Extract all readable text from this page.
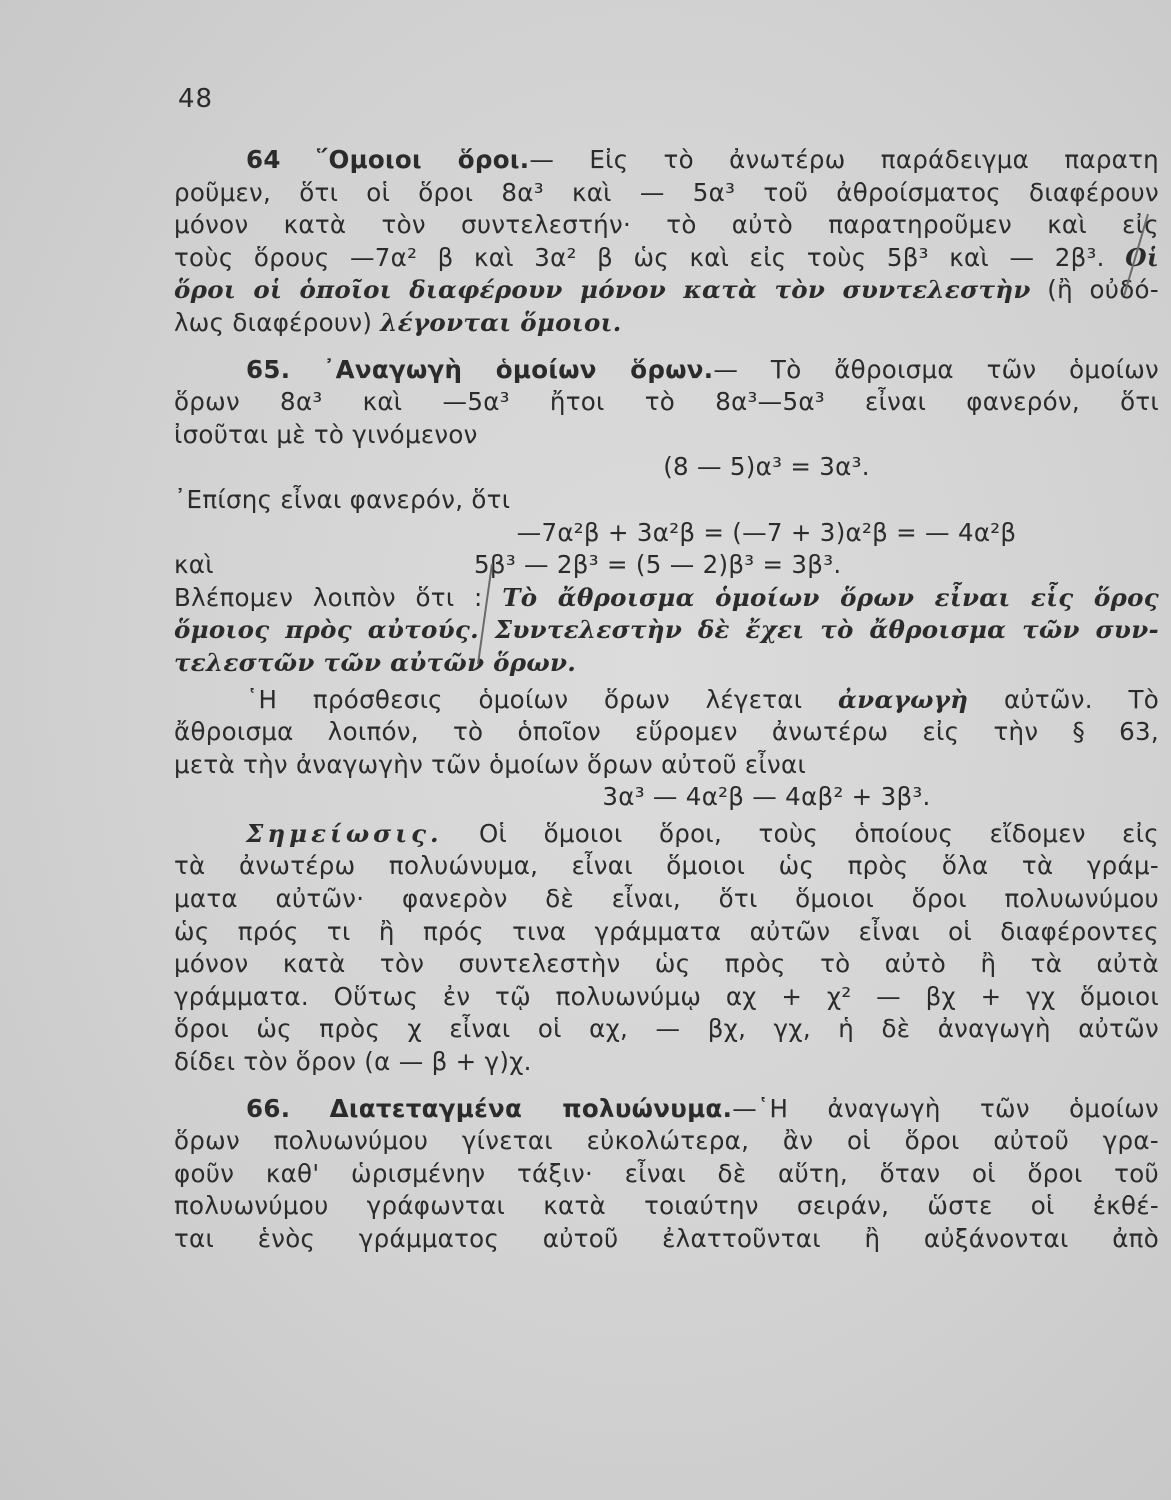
48
64 ῞Ομοιοι ὅροι.— Εἰς τὸ ἀνωτέρω παράδειγμα παρατη
ροῦμεν, ὅτι οἱ ὅροι 8α³ καὶ — 5α³ τοῦ ἀθροίσματος διαφέρουν
μόνον κατὰ τὸν συντελεστήν· τὸ αὐτὸ παρατηροῦμεν καὶ εἰς
τοὺς ὅρους —7α² β καὶ 3α² β ὡς καὶ εἰς τοὺς 5β³ καὶ — 2β³. Οἱ
ὅροι οἱ ὁποῖοι διαφέρουν μόνον κατὰ τὸν συντελεστὴν (ἢ οὐδό-
λως διαφέρουν) λέγονται ὅμοιοι.
65. ᾿Αναγωγὴ ὁμοίων ὅρων.— Τὸ ἄθροισμα τῶν ὁμοίων
ὅρων 8α³ καὶ —5α³ ἤτοι τὸ 8α³—5α³ εἶναι φανερόν, ὅτι
ἰσοῦται μὲ τὸ γινόμενον
(8 — 5)α³ = 3α³.
᾿Επίσης εἶναι φανερόν, ὅτι
—7α²β + 3α²β = (—7 + 3)α²β = — 4α²β
καὶ	5β³ — 2β³ = (5 — 2)β³ = 3β³.
Βλέπομεν λοιπὸν ὅτι : Τὸ ἄθροισμα ὁμοίων ὅρων εἶναι εἷς ὅρος
ὅμοιος πρὸς αὐτούς. Συντελεστὴν δὲ ἔχει τὸ ἄθροισμα τῶν συν-
τελεστῶν τῶν αὐτῶν ὅρων.
῾Η πρόσθεσις ὁμοίων ὅρων λέγεται ἀναγωγὴ αὐτῶν. Τὸ
ἄθροισμα λοιπόν, τὸ ὁποῖον εὕρομεν ἀνωτέρω εἰς τὴν § 63,
μετὰ τὴν ἀναγωγὴν τῶν ὁμοίων ὅρων αὐτοῦ εἶναι
3α³ — 4α²β — 4αβ² + 3β³.
Σημείωσις. Οἱ ὅμοιοι ὅροι, τοὺς ὁποίους εἴδομεν εἰς
τὰ ἀνωτέρω πολυώνυμα, εἶναι ὅμοιοι ὡς πρὸς ὅλα τὰ γράμ-
ματα αὐτῶν· φανερὸν δὲ εἶναι, ὅτι ὅμοιοι ὅροι πολυωνύμου
ὡς πρός τι ἢ πρός τινα γράμματα αὐτῶν εἶναι οἱ διαφέροντες
μόνον κατὰ τὸν συντελεστὴν ὡς πρὸς τὸ αὐτὸ ἢ τὰ αὐτὰ
γράμματα. Οὕτως ἐν τῷ πολυωνύμῳ αχ + χ² — βχ + γχ ὅμοιοι
ὅροι ὡς πρὸς χ εἶναι οἱ αχ, — βχ, γχ, ἡ δὲ ἀναγωγὴ αὐτῶν
δίδει τὸν ὅρον (α — β + γ)χ.
66. Διατεταγμένα πολυώνυμα.—῾Η ἀναγωγὴ τῶν ὁμοίων
ὅρων πολυωνύμου γίνεται εὐκολώτερα, ἂν οἱ ὅροι αὐτοῦ γρα-
φοῦν καθ' ὡρισμένην τάξιν· εἶναι δὲ αὕτη, ὅταν οἱ ὅροι τοῦ
πολυωνύμου γράφωνται κατὰ τοιαύτην σειράν, ὥστε οἱ ἐκθέ-
ται ἑνὸς γράμματος αὐτοῦ ἐλαττοῦνται ἢ αὐξάνονται ἀπὸ
